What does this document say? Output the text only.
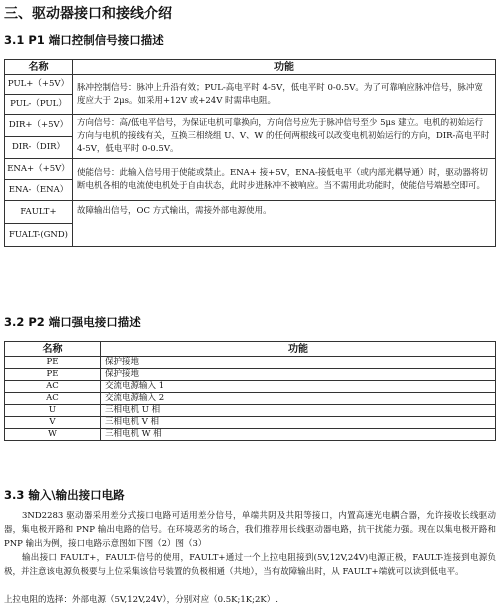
三、驱动器接口和接线介绍
3.1 P1 端口控制信号接口描述
名称	功能
PUL+（+5V）	脉冲控制信号：脉冲上升沿有效；PUL-高电平时 4-5V，低电平时 0-0.5V。为了可靠响应脉冲信号，脉冲宽度应大于 2μs。如采用+12V 或+24V 时需串电阻。
PUL-（PUL）	
DIR+（+5V）	方向信号：高/低电平信号，为保证电机可靠换向，方向信号应先于脉冲信号至少 5μs 建立。电机的初始运行方向与电机的接线有关，互换三相绕组 U、V、W 的任何两根线可以改变电机初始运行的方向，DIR-高电平时 4-5V，低电平时 0-0.5V。
DIR-（DIR）	
ENA+（+5V）	使能信号：此输入信号用于使能或禁止。ENA+ 接+5V，ENA-接低电平（或内部光耦导通）时，驱动器将切断电机各相的电流使电机处于自由状态，此时步进脉冲不被响应。当不需用此功能时，使能信号端悬空即可。
ENA-（ENA）	
FAULT+	故障输出信号，OC 方式输出，需接外部电源使用。
FUALT-(GND)	
3.2 P2 端口强电接口描述
名称	功能
PE	保护接地
PE	保护接地
AC	交流电源输入 1
AC	交流电源输入 2
U	三相电机 U 相
V	三相电机 V 相
W	三相电机 W 相
3.3 输入\输出接口电路

3ND2283 驱动器采用差分式接口电路可适用差分信号，单端共阴及共阳等接口，内置高速光电耦合器，允许接收长线驱动器，集电极开路和 PNP 输出电路的信号。在环境恶劣的场合，我们推荐用长线驱动器电路，抗干扰能力强。现在以集电极开路和 PNP 输出为例，接口电路示意图如下图（2）图（3）

输出接口 FAULT+，FAULT-信号的使用，FAULT+通过一个上拉电阻接到(5V,12V,24V)电源正极，FAULT-连接到电源负极，并注意该电源负极要与上位采集该信号装置的负极相通（共地），当有故障输出时，从 FAULT+端就可以读到低电平。

上拉电阻的选择：外部电源（5V,12V,24V），分别对应（0.5K;1K;2K）.
